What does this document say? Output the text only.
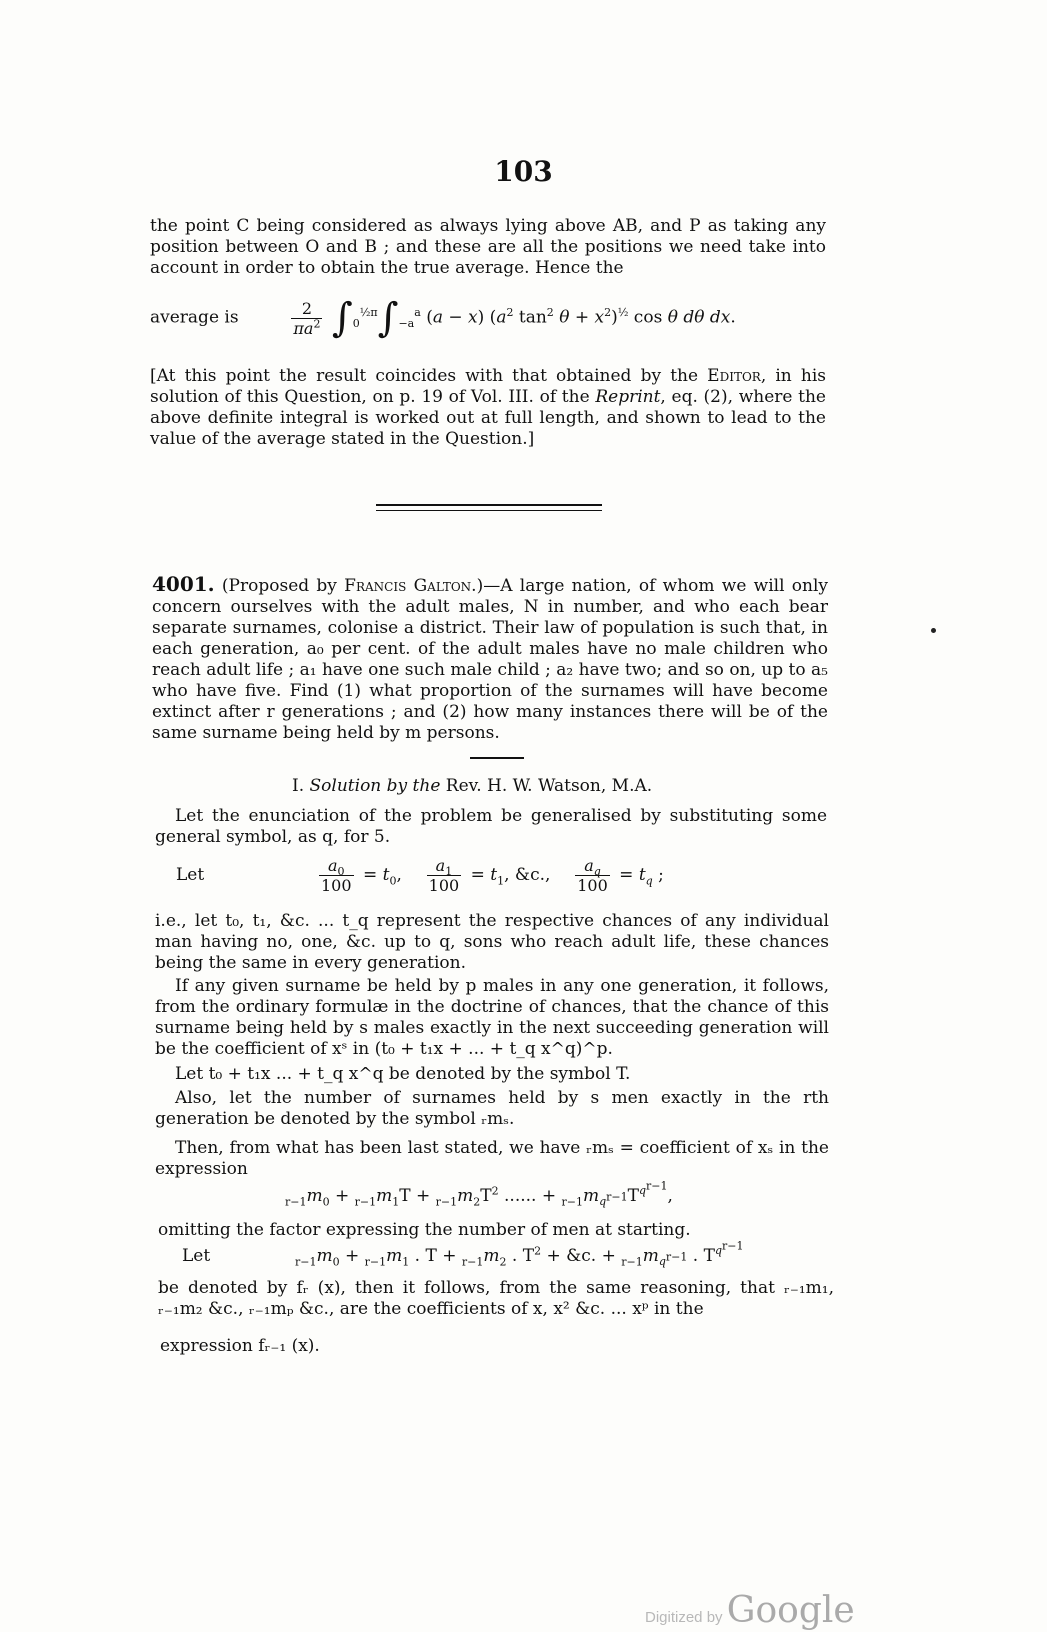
103

the point C being considered as always lying above AB, and P as taking any position between O and B ; and these are all the positions we need take into account in order to obtain the true average. Hence the

average is	$\frac{2}{\pi a^2} \int_0^{\frac{1}{2}\pi}\int_{-a}^a$ (a − x) ($a^2$ $\tan^2 \theta + x^2)^{\frac{1}{2}}$ cos θ dθ dx.

[At this point the result coincides with that obtained by the Editor, in his solution of this Question, on p. 19 of Vol. III. of the Reprint, eq. (2), where the above definite integral is worked out at full length, and shown to lead to the value of the average stated in the Question.]

4001. (Proposed by Francis Galton.)—A large nation, of whom we will only concern ourselves with the adult males, N in number, and who each bear separate surnames, colonise a district. Their law of population is such that, in each generation, a₀ per cent. of the adult males have no male children who reach adult life ; a₁ have one such male child ; a₂ have two; and so on, up to a₅ who have five. Find (1) what proportion of the surnames will have become extinct after r generations ; and (2) how many instances there will be of the same surname being held by m persons.

I. Solution by the Rev. H. W. Watson, M.A.

Let the enunciation of the problem be generalised by substituting some general symbol, as q, for 5.

Let	$\frac{a_0}{100} = t_0$, $\frac{a_1}{100} = t_1$, &c., $\frac{a_q}{100} = t_q$ ;

i.e., let t₀, t₁, &c. ... t_q represent the respective chances of any individual man having no, one, &c. up to q, sons who reach adult life, these chances being the same in every generation.

If any given surname be held by p males in any one generation, it follows, from the ordinary formulæ in the doctrine of chances, that the chance of this surname being held by s males exactly in the next succeeding generation will be the coefficient of xˢ in (t₀ + t₁x + ... + t_q x^q)^p.

Let t₀ + t₁x ... + t_q x^q be denoted by the symbol T.

Also, let the number of surnames held by s men exactly in the rth generation be denoted by the symbol ᵣmₛ.

Then, from what has been last stated, we have ᵣmₛ = coefficient of xₛ in the expression

$_{r-1}m_0 + _{r-1}m_1T + _{r-1}m_2T^2$ ...... + $_{r-1}m_{q^{r-1}}T^{q^{r-1}}$,

omitting the factor expressing the number of men at starting.

Let	$_{r-1}m_0 + _{r-1}m_1$ . $T + _{r-1}m_2$ . $T^2$ + &c. + $_{r-1}m_{q^{r-1}}$ . $T^{q^{r-1}}$

be denoted by fᵣ (x), then it follows, from the same reasoning, that ᵣ₋₁m₁, ᵣ₋₁m₂ &c., ᵣ₋₁mₚ &c., are the coefficients of x, x² &c. ... xᵖ in the

expression fᵣ₋₁ (x).

Digitized by Google
